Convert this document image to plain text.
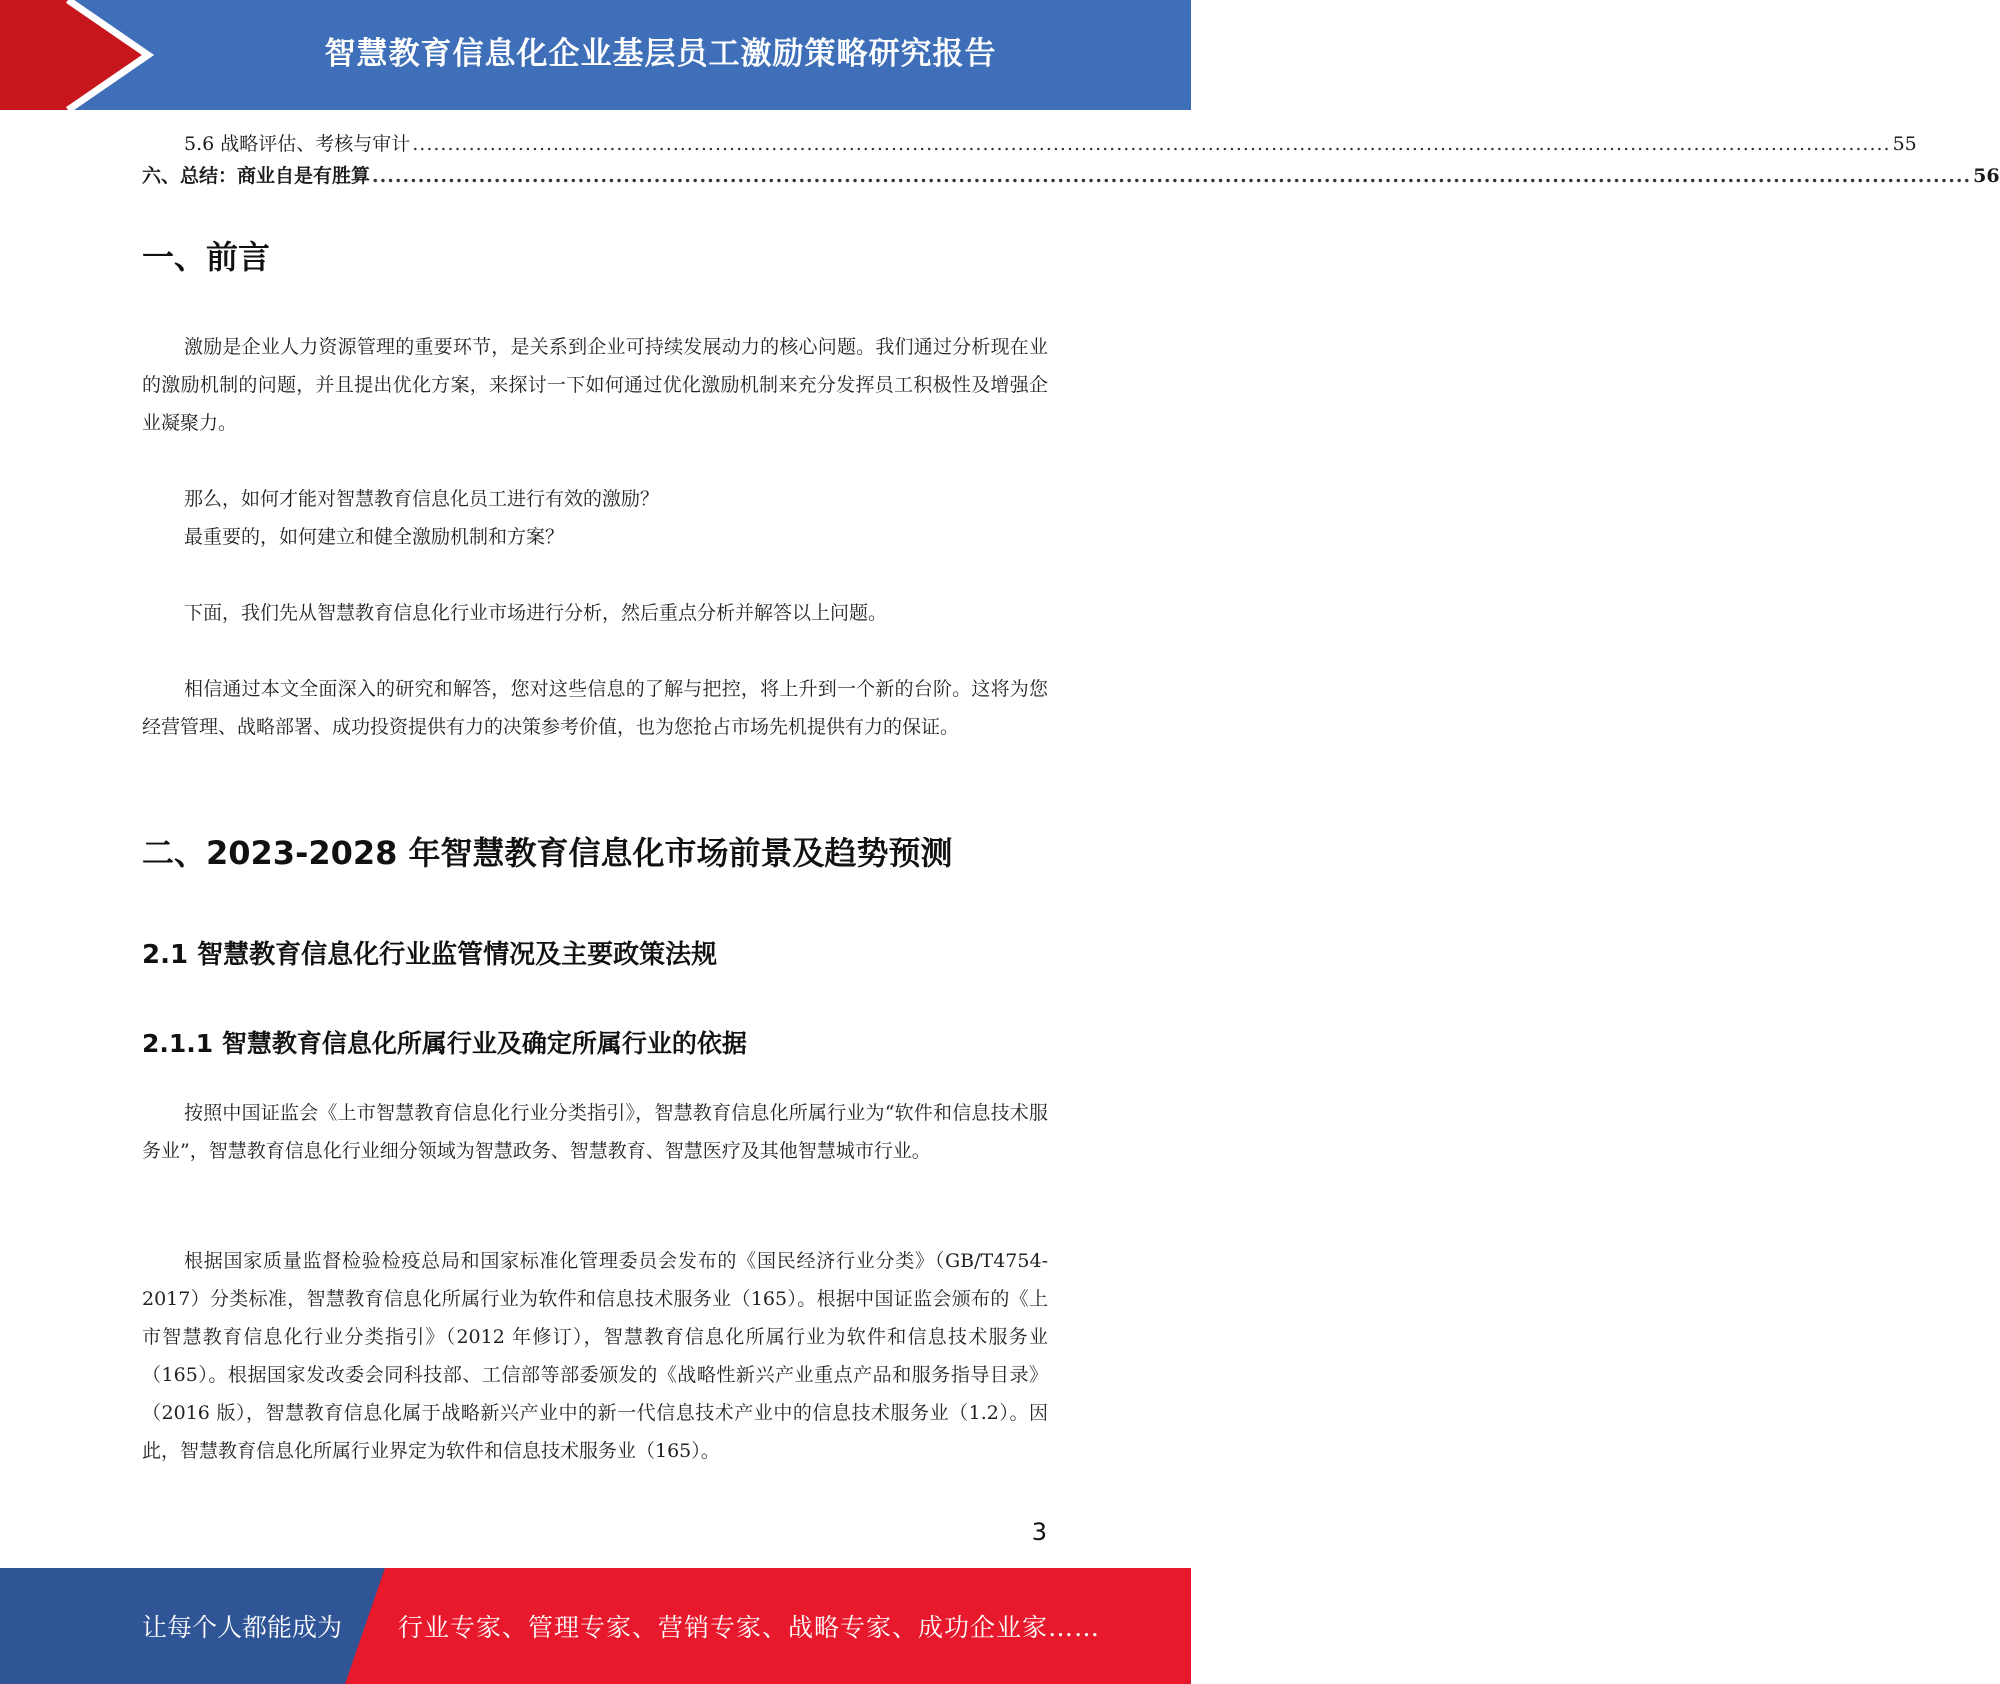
智慧教育信息化企业基层员工激励策略研究报告
5.6 战略评估、考核与审计 .................................................................................................................................................................................................................. 55
六、总结：商业自是有胜算 .................................................................................................................................................................................................................. 56
一、前言

激励是企业人力资源管理的重要环节，是关系到企业可持续发展动力的核心问题。我们通过分析现在业的激励机制的问题，并且提出优化方案，来探讨一下如何通过优化激励机制来充分发挥员工积极性及增强企业凝聚力。

那么，如何才能对智慧教育信息化员工进行有效的激励？

最重要的，如何建立和健全激励机制和方案？

下面，我们先从智慧教育信息化行业市场进行分析，然后重点分析并解答以上问题。

相信通过本文全面深入的研究和解答，您对这些信息的了解与把控，将上升到一个新的台阶。这将为您经营管理、战略部署、成功投资提供有力的决策参考价值，也为您抢占市场先机提供有力的保证。

二、2023-2028 年智慧教育信息化市场前景及趋势预测
2.1 智慧教育信息化行业监管情况及主要政策法规
2.1.1 智慧教育信息化所属行业及确定所属行业的依据

按照中国证监会《上市智慧教育信息化行业分类指引》，智慧教育信息化所属行业为“软件和信息技术服务业”，智慧教育信息化行业细分领域为智慧政务、智慧教育、智慧医疗及其他智慧城市行业。

根据国家质量监督检验检疫总局和国家标准化管理委员会发布的《国民经济行业分类》（GB/T4754-2017）分类标准，智慧教育信息化所属行业为软件和信息技术服务业（165）。根据中国证监会颁布的《上市智慧教育信息化行业分类指引》（2012 年修订），智慧教育信息化所属行业为软件和信息技术服务业（165）。根据国家发改委会同科技部、工信部等部委颁发的《战略性新兴产业重点产品和服务指导目录》（2016 版），智慧教育信息化属于战略新兴产业中的新一代信息技术产业中的信息技术服务业（1.2）。因此，智慧教育信息化所属行业界定为软件和信息技术服务业（165）。

3
让每个人都能成为 行业专家、管理专家、营销专家、战略专家、成功企业家……
